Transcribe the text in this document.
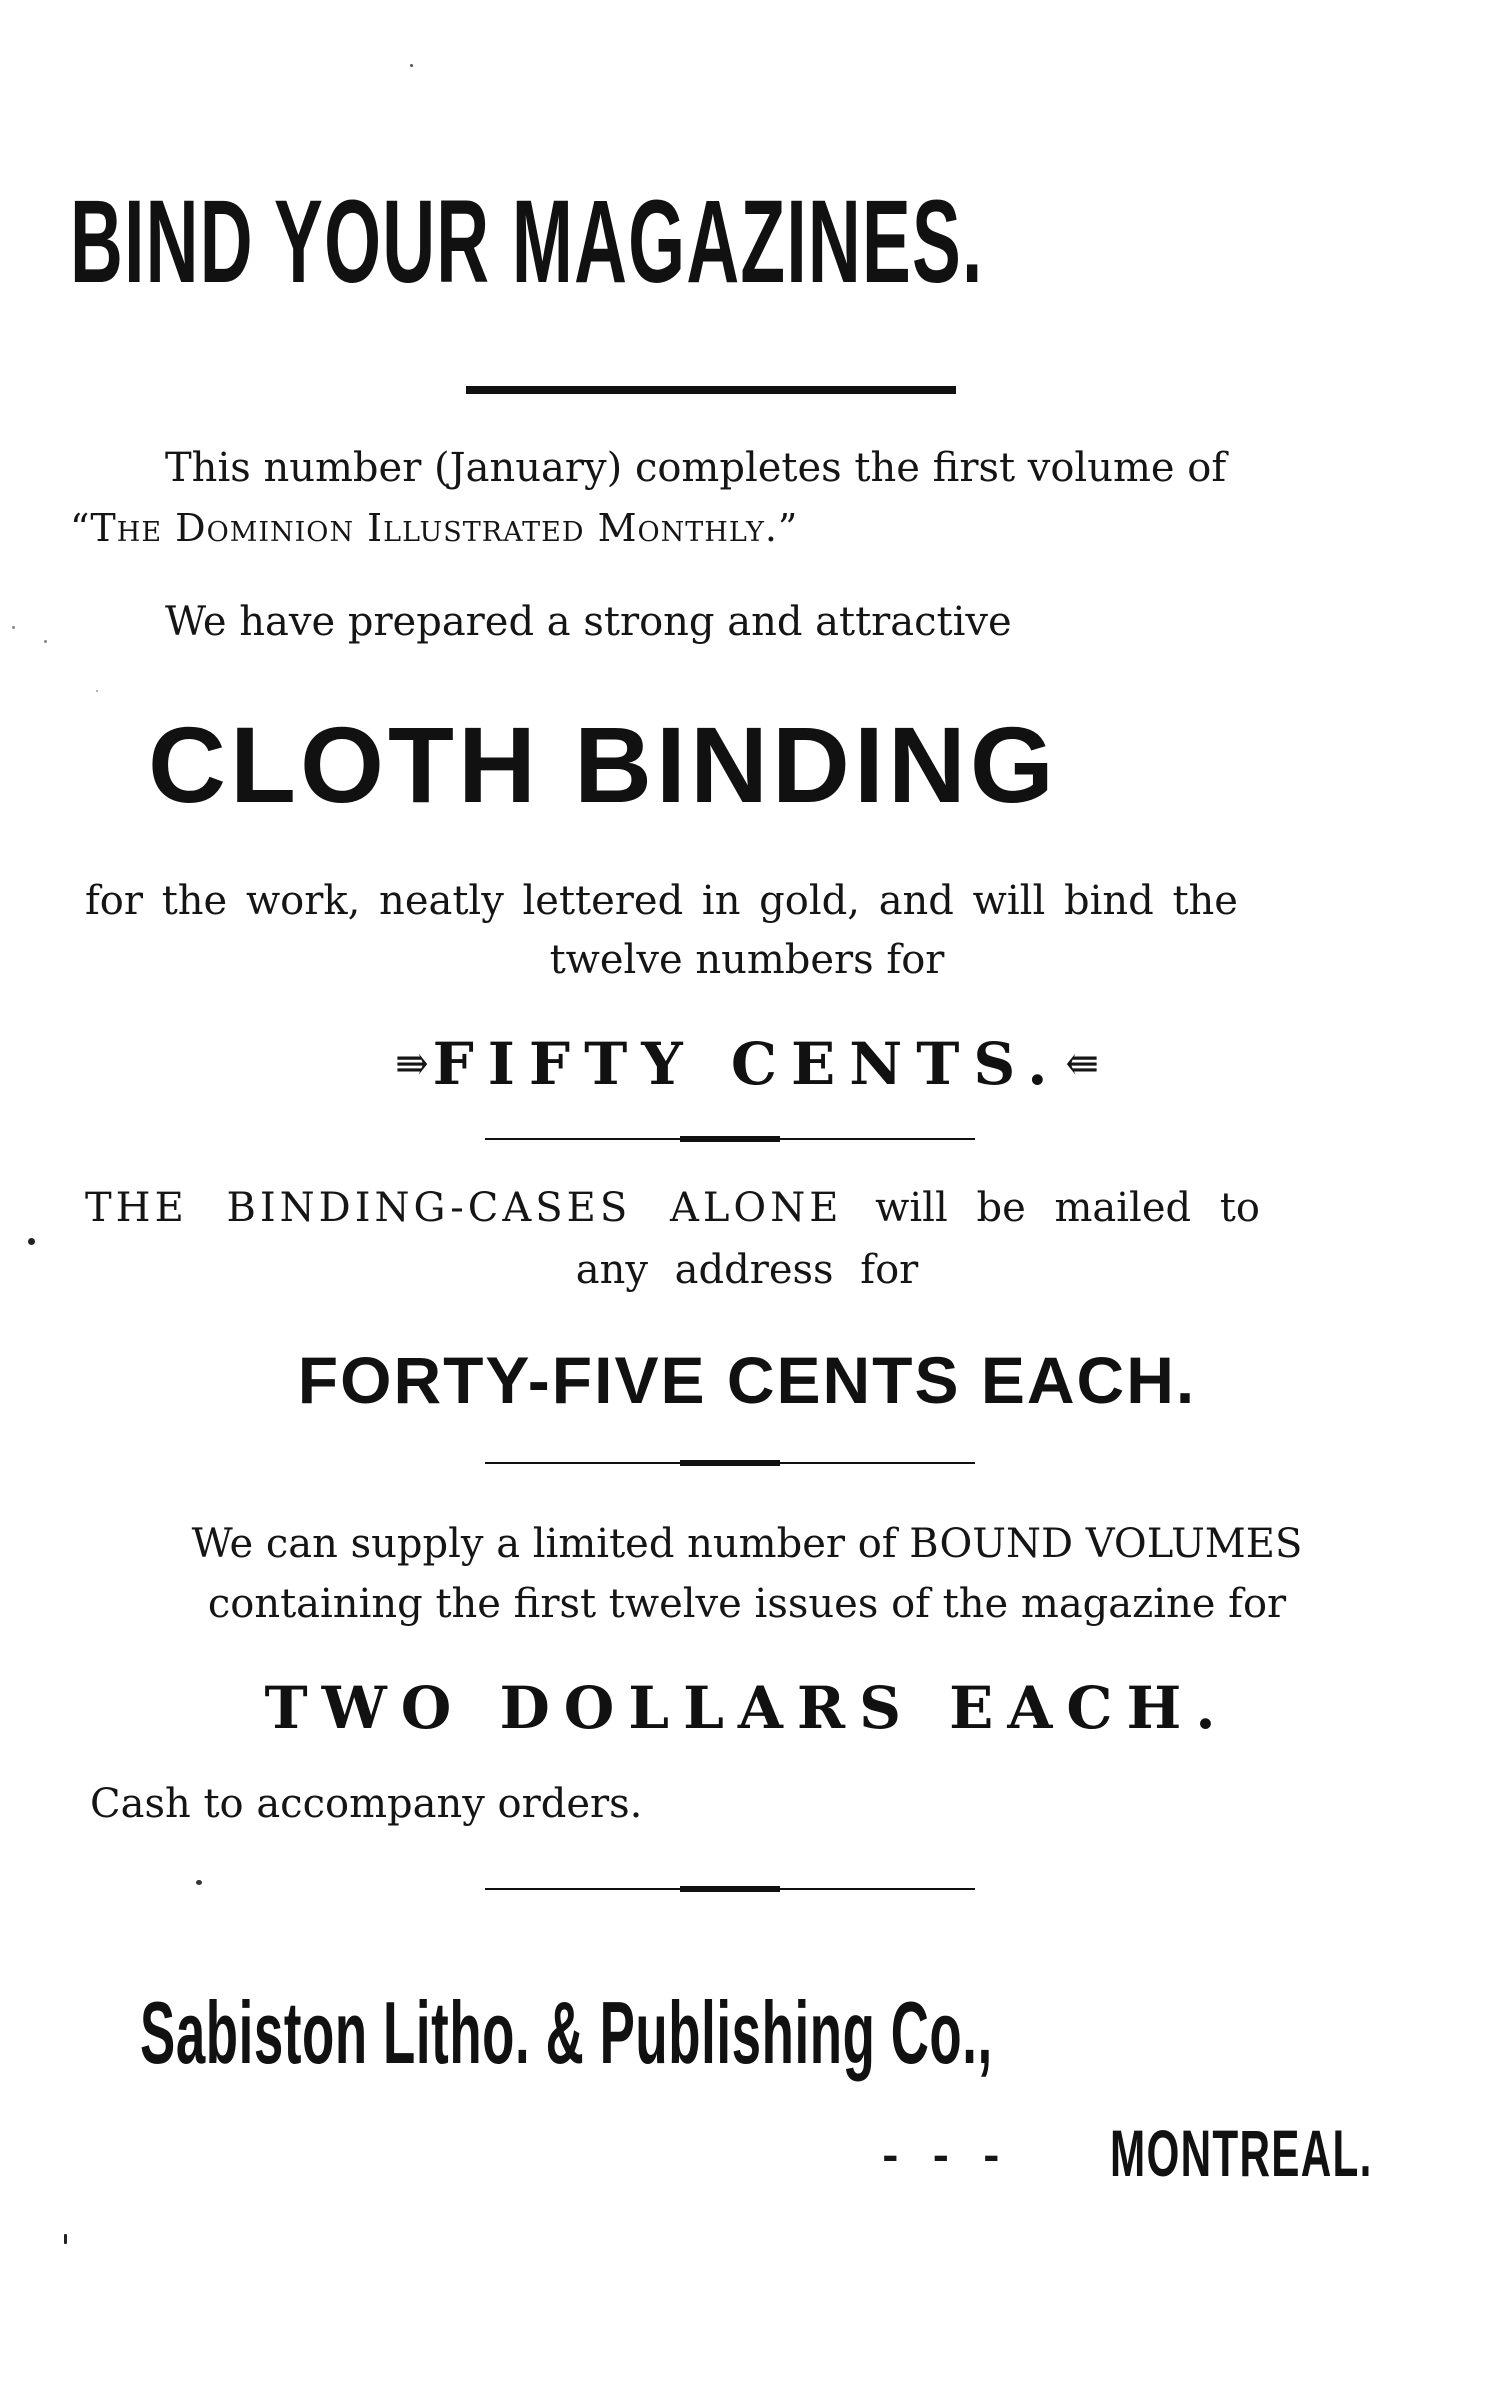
BIND YOUR MAGAZINES.
This number (January) completes the first volume of
“The Dominion Illustrated Monthly.”
We have prepared a strong and attractive
CLOTH BINDING
for the work, neatly lettered in gold, and will bind the
twelve numbers for
⇛ FIFTY CENTS. ⇚
THE BINDING-CASES ALONE will be mailed to
any address for
FORTY-FIVE CENTS EACH.
We can supply a limited number of BOUND VOLUMES
containing the first twelve issues of the magazine for
TWO DOLLARS EACH.
Cash to accompany orders.
Sabiston Litho. & Publishing Co.,
- - - MONTREAL.
